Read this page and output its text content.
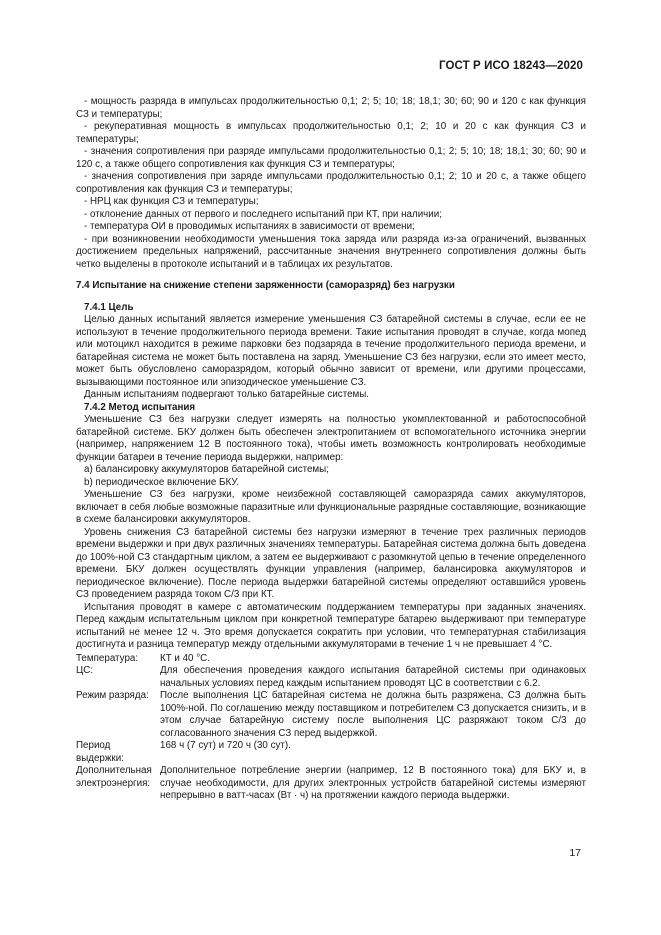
ГОСТ Р ИСО 18243—2020

- мощность разряда в импульсах продолжительностью 0,1; 2; 5; 10; 18; 18,1; 30; 60; 90 и 120 с как функция СЗ и температуры;

- рекуперативная мощность в импульсах продолжительностью 0,1; 2; 10 и 20 с как функция СЗ и температуры;

- значения сопротивления при разряде импульсами продолжительностью 0,1; 2; 5; 10; 18; 18,1; 30; 60; 90 и 120 с, а также общего сопротивления как функция СЗ и температуры;

- значения сопротивления при заряде импульсами продолжительностью 0,1; 2; 10 и 20 с, а также общего сопротивления как функция СЗ и температуры;

- НРЦ как функция СЗ и температуры;

- отклонение данных от первого и последнего испытаний при КТ, при наличии;

- температура ОИ в проводимых испытаниях в зависимости от времени;

- при возникновении необходимости уменьшения тока заряда или разряда из-за ограничений, вызванных достижением предельных напряжений, рассчитанные значения внутреннего сопротивления должны быть четко выделены в протоколе испытаний и в таблицах их результатов.

7.4 Испытание на снижение степени заряженности (саморазряд) без нагрузки

7.4.1 Цель

Целью данных испытаний является измерение уменьшения СЗ батарейной системы в случае, если ее не используют в течение продолжительного периода времени. Такие испытания проводят в случае, когда мопед или мотоцикл находится в режиме парковки без подзаряда в течение продолжительного периода времени, и батарейная система не может быть поставлена на заряд. Уменьшение СЗ без нагрузки, если это имеет место, может быть обусловлено саморазрядом, который обычно зависит от времени, или другими процессами, вызывающими постоянное или эпизодическое уменьшение СЗ.

Данным испытаниям подвергают только батарейные системы.

7.4.2 Метод испытания

Уменьшение СЗ без нагрузки следует измерять на полностью укомплектованной и работоспособной батарейной системе. БКУ должен быть обеспечен электропитанием от вспомогательного источника энергии (например, напряжением 12 В постоянного тока), чтобы иметь возможность контролировать необходимые функции батареи в течение периода выдержки, например:

a) балансировку аккумуляторов батарейной системы;

b) периодическое включение БКУ.

Уменьшение СЗ без нагрузки, кроме неизбежной составляющей саморазряда самих аккумуляторов, включает в себя любые возможные паразитные или функциональные разрядные составляющие, возникающие в схеме балансировки аккумуляторов.

Уровень снижения СЗ батарейной системы без нагрузки измеряют в течение трех различных периодов времени выдержки и при двух различных значениях температуры. Батарейная система должна быть доведена до 100%-ной СЗ стандартным циклом, а затем ее выдерживают с разомкнутой цепью в течение определенного времени. БКУ должен осуществлять функции управления (например, балансировка аккумуляторов и периодическое включение). После периода выдержки батарейной системы определяют оставшийся уровень СЗ проведением разряда током С/3 при КТ.

Испытания проводят в камере с автоматическим поддержанием температуры при заданных значениях. Перед каждым испытательным циклом при конкретной температуре батарею выдерживают при температуре испытаний не менее 12 ч. Это время допускается сократить при условии, что температурная стабилизация достигнута и разница температур между отдельными аккумуляторами в течение 1 ч не превышает 4 °С.

Температура:	КТ и 40 °С.
ЦС:	Для обеспечения проведения каждого испытания батарейной системы при одинаковых начальных условиях перед каждым испытанием проводят ЦС в соответствии с 6.2.
Режим разряда:	После выполнения ЦС батарейная система не должна быть разряжена, СЗ должна быть 100%-ной. По соглашению между поставщиком и потребителем СЗ допускается снизить, и в этом случае батарейную систему после выполнения ЦС разряжают током С/3 до согласованного значения СЗ перед выдержкой.
Период выдержки:	168 ч (7 сут) и 720 ч (30 сут).
Дополнительная электроэнергия:	Дополнительное потребление энергии (например, 12 В постоянного тока) для БКУ и, в случае необходимости, для других электронных устройств батарейной системы измеряют непрерывно в ватт-часах (Вт · ч) на протяжении каждого периода выдержки.
17
